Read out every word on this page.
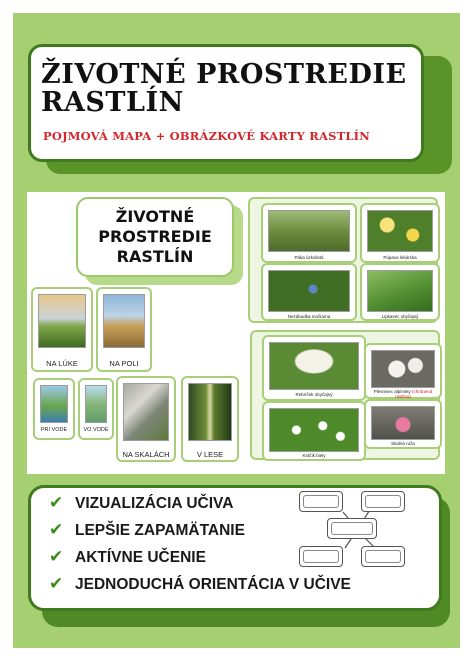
ŽIVOTNÉ PROSTREDIE
RASTLÍN
POJMOVÁ MAPA + OBRÁZKOVÉ KARTY RASTLÍN
ŽIVOTNÉ
PROSTREDIE
RASTLÍN
NA LÚKE	NA POLI
PRI VODE	VO VODE
NA SKALÁCH	V LESE
Páka úzkolistá	Púpava lekárska
Nezábudka močiarna	Lipkavec obyčajný
Rebríček obyčajný
Plesnivec alpínsky (chránená rastlina)
Kráčik biely
Skalná ruža
✔ VIZUALIZÁCIA UČIVA
✔ LEPŠIE ZAPAMÄTANIE
✔ AKTÍVNE UČENIE
✔ JEDNODUCHÁ ORIENTÁCIA V UČIVE
